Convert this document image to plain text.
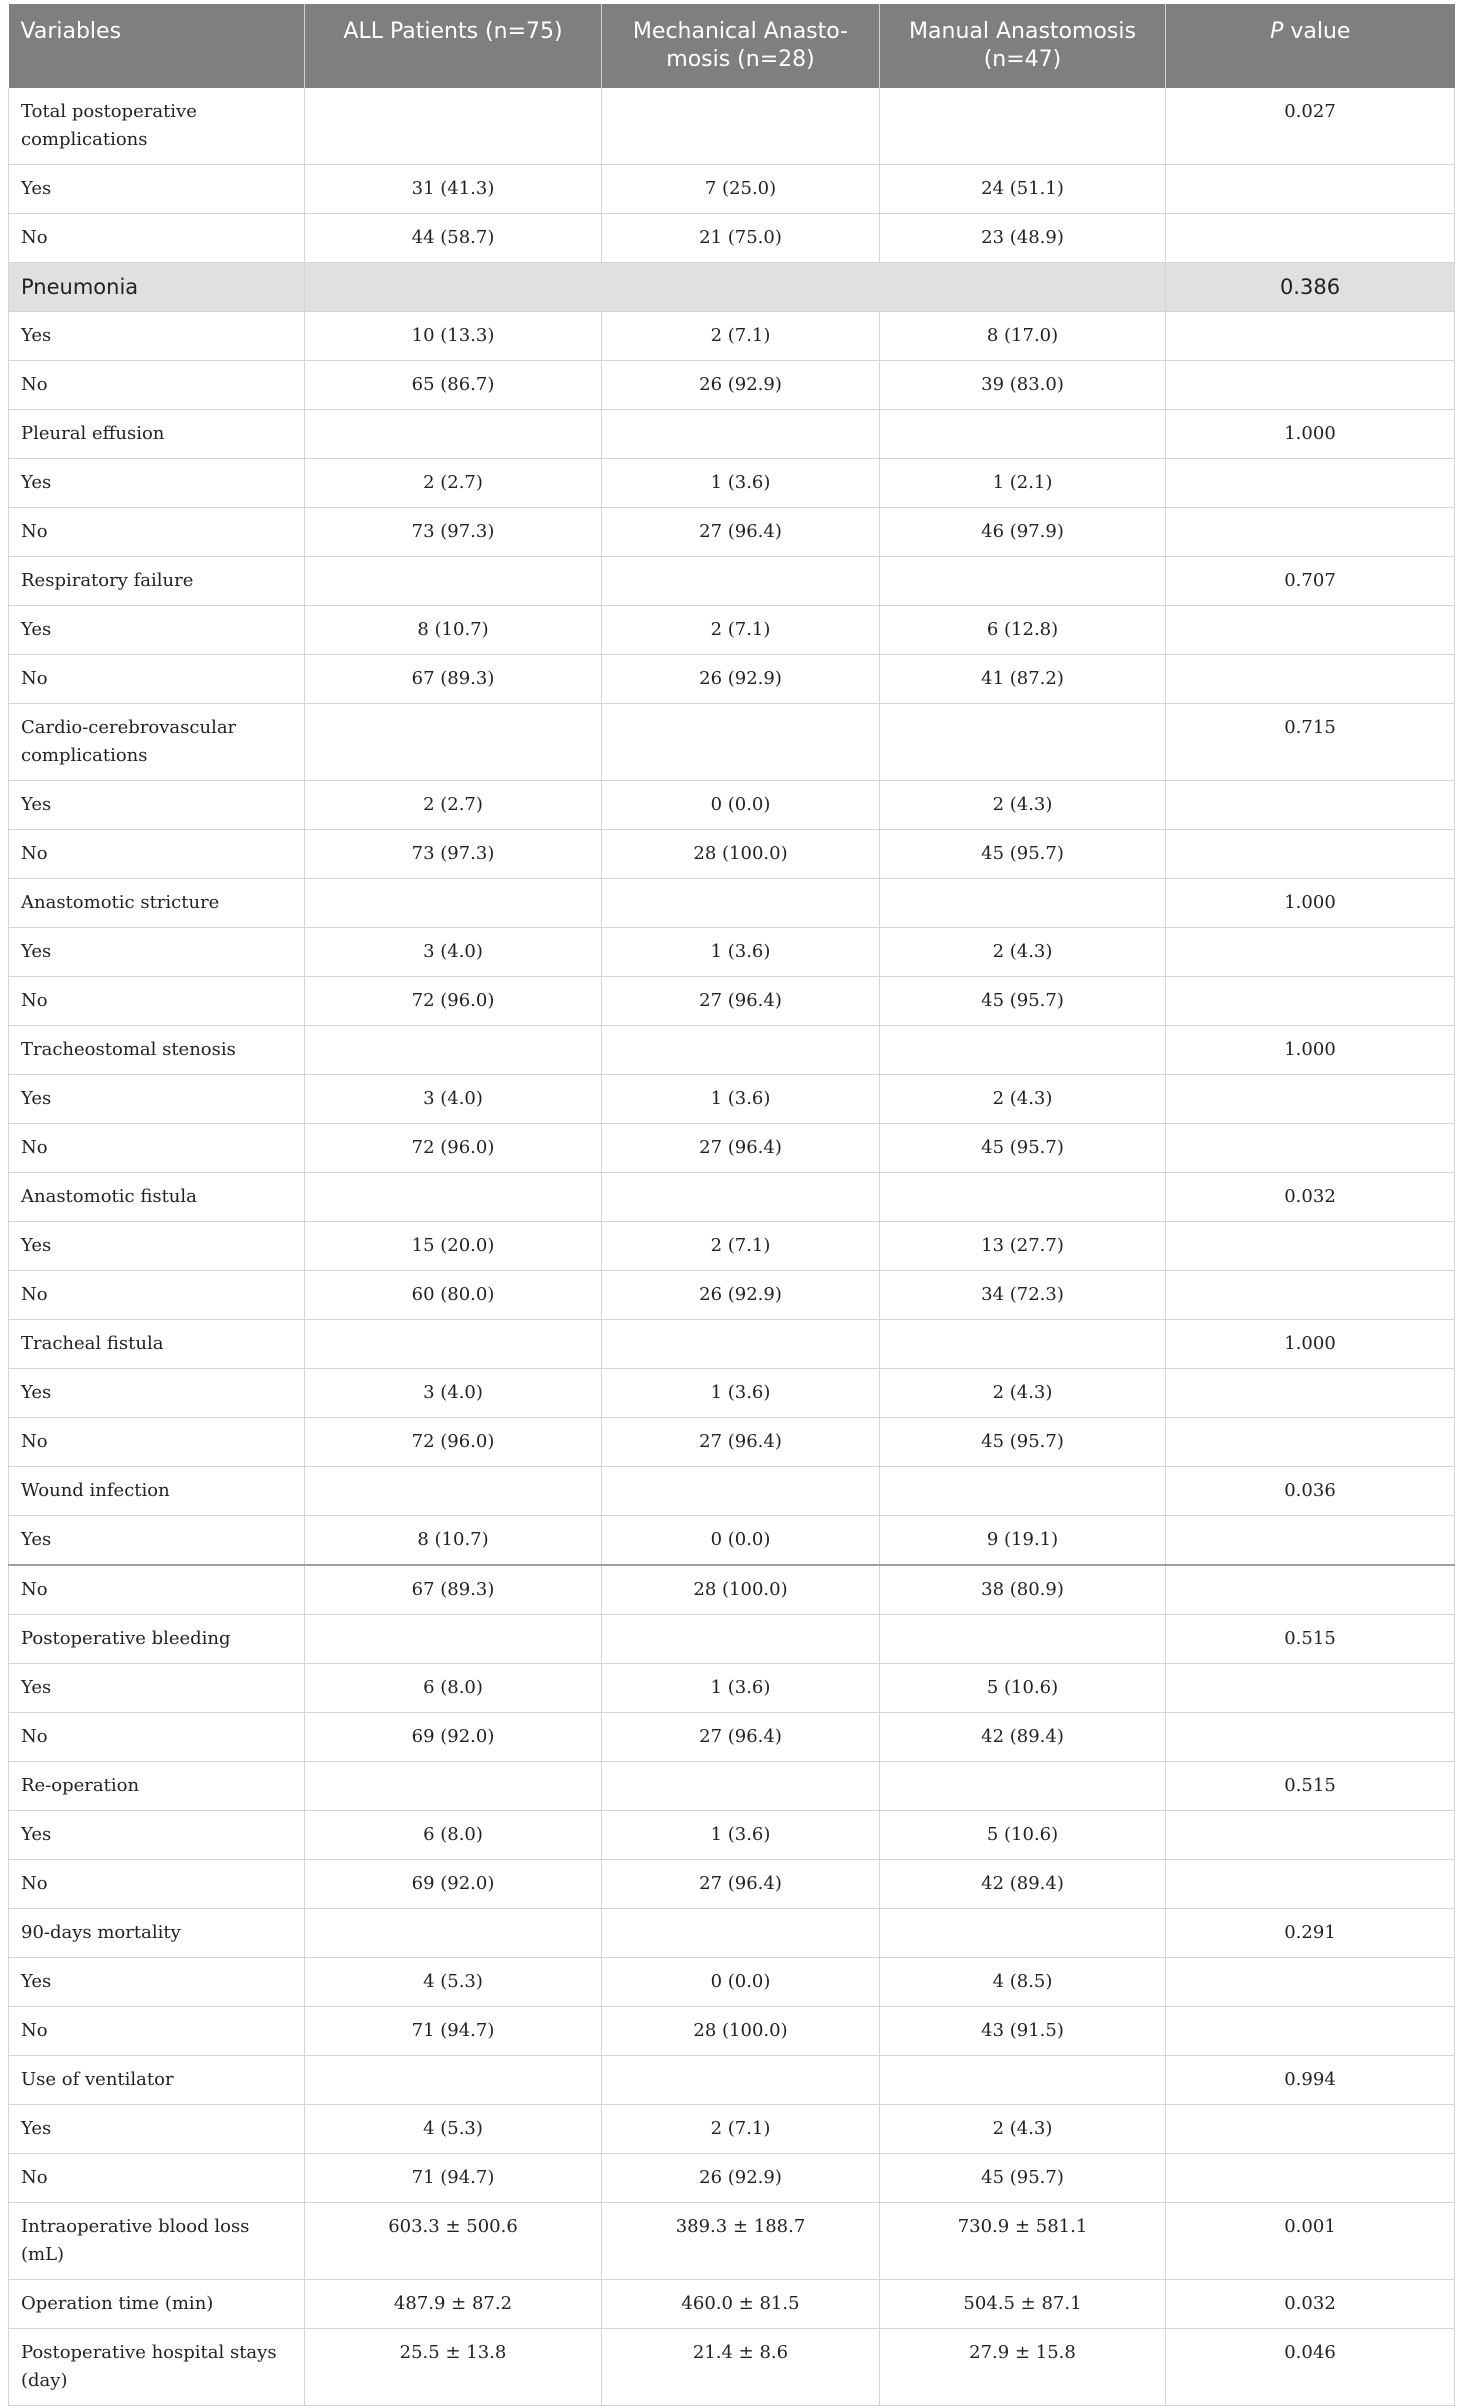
Variables	ALL Patients (n=75)	Mechanical Anasto-mosis (n=28)	Manual Anastomosis (n=47)	P value
Total postoperative complications				0.027
Yes	31 (41.3)	7 (25.0)	24 (51.1)	
No	44 (58.7)	21 (75.0)	23 (48.9)	
Pneumonia				0.386
Yes	10 (13.3)	2 (7.1)	8 (17.0)	
No	65 (86.7)	26 (92.9)	39 (83.0)	
Pleural effusion				1.000
Yes	2 (2.7)	1 (3.6)	1 (2.1)	
No	73 (97.3)	27 (96.4)	46 (97.9)	
Respiratory failure				0.707
Yes	8 (10.7)	2 (7.1)	6 (12.8)	
No	67 (89.3)	26 (92.9)	41 (87.2)	
Cardio-cerebrovascular complications				0.715
Yes	2 (2.7)	0 (0.0)	2 (4.3)	
No	73 (97.3)	28 (100.0)	45 (95.7)	
Anastomotic stricture				1.000
Yes	3 (4.0)	1 (3.6)	2 (4.3)	
No	72 (96.0)	27 (96.4)	45 (95.7)	
Tracheostomal stenosis				1.000
Yes	3 (4.0)	1 (3.6)	2 (4.3)	
No	72 (96.0)	27 (96.4)	45 (95.7)	
Anastomotic fistula				0.032
Yes	15 (20.0)	2 (7.1)	13 (27.7)	
No	60 (80.0)	26 (92.9)	34 (72.3)	
Tracheal fistula				1.000
Yes	3 (4.0)	1 (3.6)	2 (4.3)	
No	72 (96.0)	27 (96.4)	45 (95.7)	
Wound infection				0.036
Yes	8 (10.7)	0 (0.0)	9 (19.1)	
No	67 (89.3)	28 (100.0)	38 (80.9)	
Postoperative bleeding				0.515
Yes	6 (8.0)	1 (3.6)	5 (10.6)	
No	69 (92.0)	27 (96.4)	42 (89.4)	
Re-operation				0.515
Yes	6 (8.0)	1 (3.6)	5 (10.6)	
No	69 (92.0)	27 (96.4)	42 (89.4)	
90-days mortality				0.291
Yes	4 (5.3)	0 (0.0)	4 (8.5)	
No	71 (94.7)	28 (100.0)	43 (91.5)	
Use of ventilator				0.994
Yes	4 (5.3)	2 (7.1)	2 (4.3)	
No	71 (94.7)	26 (92.9)	45 (95.7)	
Intraoperative blood loss (mL)	603.3 ± 500.6	389.3 ± 188.7	730.9 ± 581.1	0.001
Operation time (min)	487.9 ± 87.2	460.0 ± 81.5	504.5 ± 87.1	0.032
Postoperative hospital stays (day)	25.5 ± 13.8	21.4 ± 8.6	27.9 ± 15.8	0.046
